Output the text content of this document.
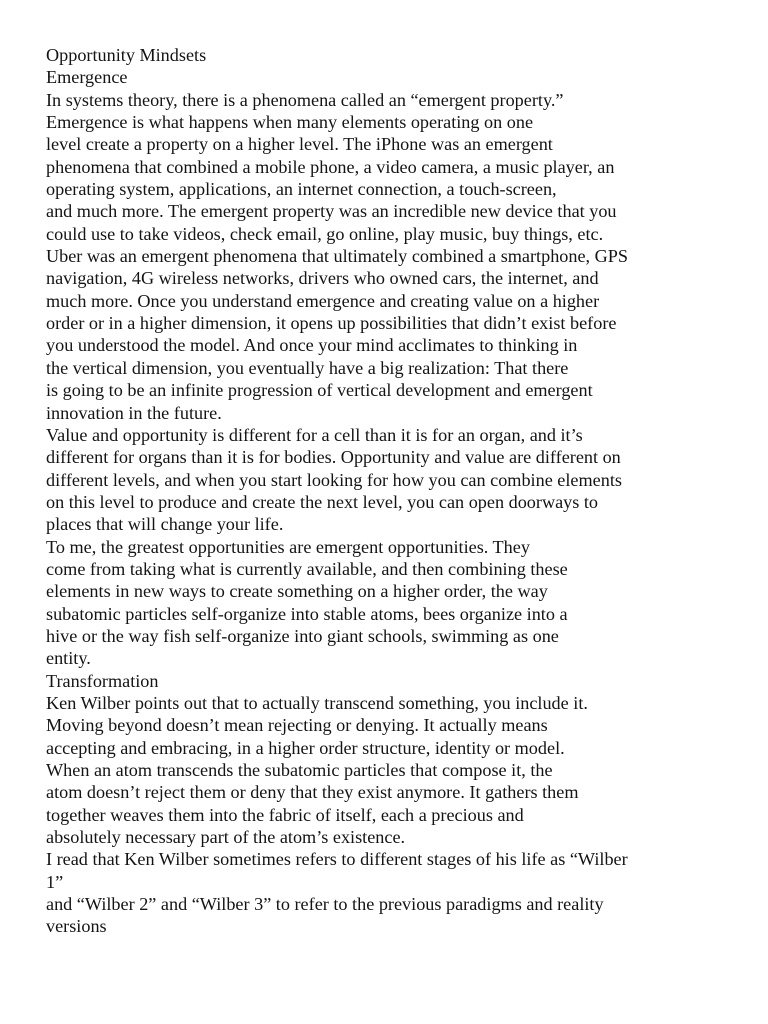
Opportunity Mindsets
Emergence
In systems theory, there is a phenomena called an “emergent property.”
Emergence is what happens when many elements operating on one
level create a property on a higher level. The iPhone was an emergent
phenomena that combined a mobile phone, a video camera, a music player, an
operating system, applications, an internet connection, a touch-screen,
and much more. The emergent property was an incredible new device that you
could use to take videos, check email, go online, play music, buy things, etc.
Uber was an emergent phenomena that ultimately combined a smartphone, GPS
navigation, 4G wireless networks, drivers who owned cars, the internet, and
much more. Once you understand emergence and creating value on a higher
order or in a higher dimension, it opens up possibilities that didn’t exist before
you understood the model. And once your mind acclimates to thinking in
the vertical dimension, you eventually have a big realization: That there
is going to be an infinite progression of vertical development and emergent
innovation in the future.
Value and opportunity is different for a cell than it is for an organ, and it’s
different for organs than it is for bodies. Opportunity and value are different on
different levels, and when you start looking for how you can combine elements
on this level to produce and create the next level, you can open doorways to
places that will change your life.
To me, the greatest opportunities are emergent opportunities. They
come from taking what is currently available, and then combining these
elements in new ways to create something on a higher order, the way
subatomic particles self-organize into stable atoms, bees organize into a
hive or the way fish self-organize into giant schools, swimming as one
entity.
Transformation
Ken Wilber points out that to actually transcend something, you include it.
Moving beyond doesn’t mean rejecting or denying. It actually means
accepting and embracing, in a higher order structure, identity or model.
When an atom transcends the subatomic particles that compose it, the
atom doesn’t reject them or deny that they exist anymore. It gathers them
together weaves them into the fabric of itself, each a precious and
absolutely necessary part of the atom’s existence.
I read that Ken Wilber sometimes refers to different stages of his life as “Wilber
1”
and “Wilber 2” and “Wilber 3” to refer to the previous paradigms and reality
versions
